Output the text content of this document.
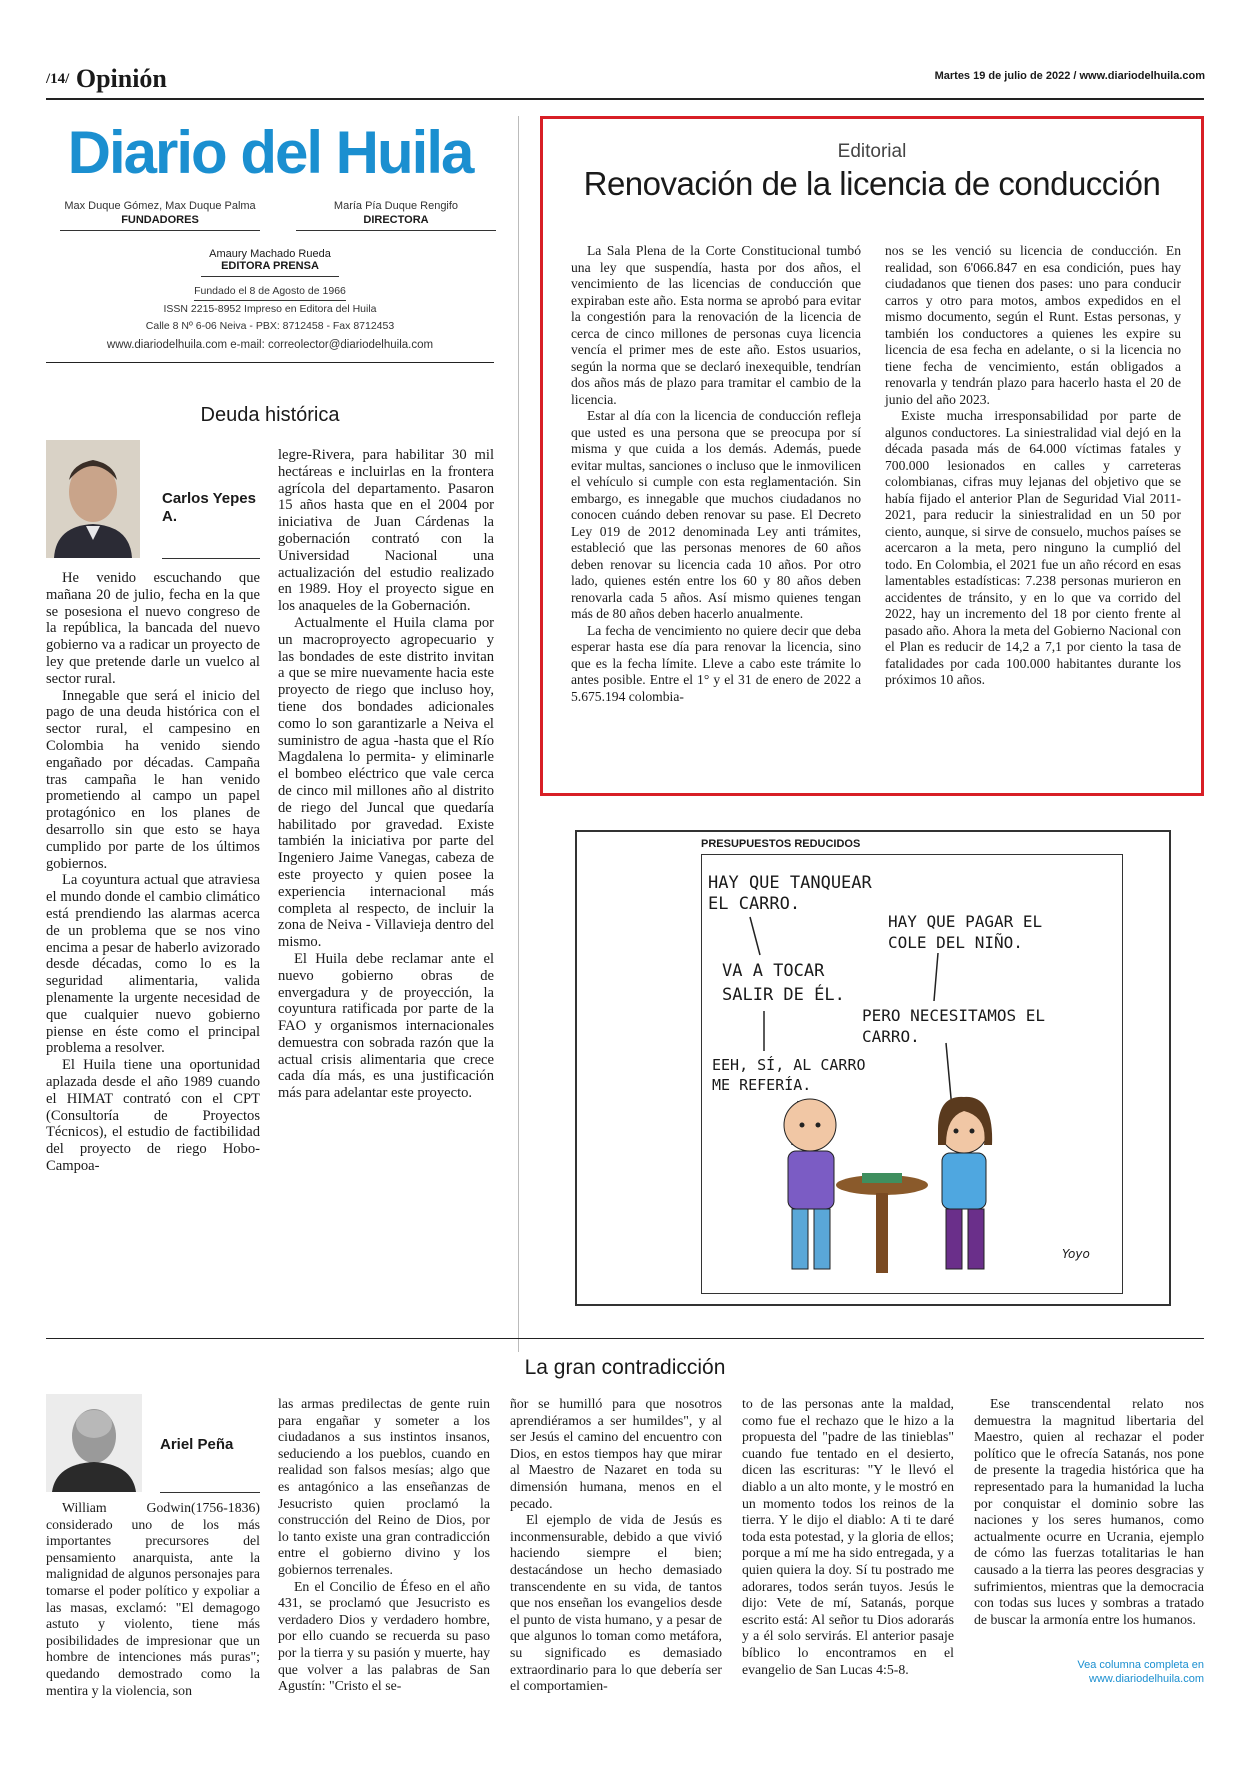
/14/ Opinión	Martes 19 de julio de 2022 / www.diariodelhuila.com
Diario del Huila
Max Duque Gómez, Max Duque Palma
FUNDADORES
María Pía Duque Rengifo
DIRECTORA
Amaury Machado Rueda
EDITORA PRENSA
Fundado el 8 de Agosto de 1966
ISSN 2215-8952 Impreso en Editora del Huila
Calle 8 Nº 6-06 Neiva - PBX: 8712458 - Fax 8712453
www.diariodelhuila.com e-mail: correolector@diariodelhuila.com
Deuda histórica
Carlos Yepes A.

He venido escuchando que mañana 20 de julio, fecha en la que se posesiona el nuevo congreso de la república, la bancada del nuevo gobierno va a radicar un proyecto de ley que pretende darle un vuelco al sector rural.

Innegable que será el inicio del pago de una deuda histórica con el sector rural, el campesino en Colombia ha venido siendo engañado por décadas. Campaña tras campaña le han venido prometiendo al campo un papel protagónico en los planes de desarrollo sin que esto se haya cumplido por parte de los últimos gobiernos.

La coyuntura actual que atraviesa el mundo donde el cambio climático está prendiendo las alarmas acerca de un problema que se nos vino encima a pesar de haberlo avizorado desde décadas, como lo es la seguridad alimentaria, valida plenamente la urgente necesidad de que cualquier nuevo gobierno piense en éste como el principal problema a resolver.

El Huila tiene una oportunidad aplazada desde el año 1989 cuando el HIMAT contrató con el CPT (Consultoría de Proyectos Técnicos), el estudio de factibilidad del proyecto de riego Hobo-Campoa-

legre-Rivera, para habilitar 30 mil hectáreas e incluirlas en la frontera agrícola del departamento. Pasaron 15 años hasta que en el 2004 por iniciativa de Juan Cárdenas la gobernación contrató con la Universidad Nacional una actualización del estudio realizado en 1989. Hoy el proyecto sigue en los anaqueles de la Gobernación.

Actualmente el Huila clama por un macroproyecto agropecuario y las bondades de este distrito invitan a que se mire nuevamente hacia este proyecto de riego que incluso hoy, tiene dos bondades adicionales como lo son garantizarle a Neiva el suministro de agua -hasta que el Río Magdalena lo permita- y eliminarle el bombeo eléctrico que vale cerca de cinco mil millones año al distrito de riego del Juncal que quedaría habilitado por gravedad. Existe también la iniciativa por parte del Ingeniero Jaime Vanegas, cabeza de este proyecto y quien posee la experiencia internacional más completa al respecto, de incluir la zona de Neiva - Villavieja dentro del mismo.

El Huila debe reclamar ante el nuevo gobierno obras de envergadura y de proyección, la coyuntura ratificada por parte de la FAO y organismos internacionales demuestra con sobrada razón que la actual crisis alimentaria que crece cada día más, es una justificación más para adelantar este proyecto.

Editorial
Renovación de la licencia de conducción

La Sala Plena de la Corte Constitucional tumbó una ley que suspendía, hasta por dos años, el vencimiento de las licencias de conducción que expiraban este año. Esta norma se aprobó para evitar la congestión para la renovación de la licencia de cerca de cinco millones de personas cuya licencia vencía el primer mes de este año. Estos usuarios, según la norma que se declaró inexequible, tendrían dos años más de plazo para tramitar el cambio de la licencia.

Estar al día con la licencia de conducción refleja que usted es una persona que se preocupa por sí misma y que cuida a los demás. Además, puede evitar multas, sanciones o incluso que le inmovilicen el vehículo si cumple con esta reglamentación. Sin embargo, es innegable que muchos ciudadanos no conocen cuándo deben renovar su pase. El Decreto Ley 019 de 2012 denominada Ley anti trámites, estableció que las personas menores de 60 años deben renovar su licencia cada 10 años. Por otro lado, quienes estén entre los 60 y 80 años deben renovarla cada 5 años. Así mismo quienes tengan más de 80 años deben hacerlo anualmente.

La fecha de vencimiento no quiere decir que deba esperar hasta ese día para renovar la licencia, sino que es la fecha límite. Lleve a cabo este trámite lo antes posible. Entre el 1° y el 31 de enero de 2022 a 5.675.194 colombia-

nos se les venció su licencia de conducción. En realidad, son 6'066.847 en esa condición, pues hay ciudadanos que tienen dos pases: uno para conducir carros y otro para motos, ambos expedidos en el mismo documento, según el Runt. Estas personas, y también los conductores a quienes les expire su licencia de esa fecha en adelante, o si la licencia no tiene fecha de vencimiento, están obligados a renovarla y tendrán plazo para hacerlo hasta el 20 de junio del año 2023.

Existe mucha irresponsabilidad por parte de algunos conductores. La siniestralidad vial dejó en la década pasada más de 64.000 víctimas fatales y 700.000 lesionados en calles y carreteras colombianas, cifras muy lejanas del objetivo que se había fijado el anterior Plan de Seguridad Vial 2011-2021, para reducir la siniestralidad en un 50 por ciento, aunque, si sirve de consuelo, muchos países se acercaron a la meta, pero ninguno la cumplió del todo. En Colombia, el 2021 fue un año récord en esas lamentables estadísticas: 7.238 personas murieron en accidentes de tránsito, y en lo que va corrido del 2022, hay un incremento del 18 por ciento frente al pasado año. Ahora la meta del Gobierno Nacional con el Plan es reducir de 14,2 a 7,1 por ciento la tasa de fatalidades por cada 100.000 habitantes durante los próximos 10 años.

PRESUPUESTOS REDUCIDOS
HAY QUE TANQUEAR EL CARRO.
VA A TOCAR SALIR DE ÉL.
EEH, SÍ, AL CARRO ME REFERÍA.
HAY QUE PAGAR EL COLE DEL NIÑO.
PERO NECESITAMOS EL CARRO.
Yoyo
La gran contradicción
Ariel Peña

William Godwin(1756-1836) considerado uno de los más importantes precursores del pensamiento anarquista, ante la malignidad de algunos personajes para tomarse el poder político y expoliar a las masas, exclamó: "El demagogo astuto y violento, tiene más posibilidades de impresionar que un hombre de intenciones más puras"; quedando demostrado como la mentira y la violencia, son

las armas predilectas de gente ruin para engañar y someter a los ciudadanos a sus instintos insanos, seduciendo a los pueblos, cuando en realidad son falsos mesías; algo que es antagónico a las enseñanzas de Jesucristo quien proclamó la construcción del Reino de Dios, por lo tanto existe una gran contradicción entre el gobierno divino y los gobiernos terrenales.

En el Concilio de Éfeso en el año 431, se proclamó que Jesucristo es verdadero Dios y verdadero hombre, por ello cuando se recuerda su paso por la tierra y su pasión y muerte, hay que volver a las palabras de San Agustín: "Cristo el se-

ñor se humilló para que nosotros aprendiéramos a ser humildes", y al ser Jesús el camino del encuentro con Dios, en estos tiempos hay que mirar al Maestro de Nazaret en toda su dimensión humana, menos en el pecado.

El ejemplo de vida de Jesús es inconmensurable, debido a que vivió haciendo siempre el bien; destacándose un hecho demasiado transcendente en su vida, de tantos que nos enseñan los evangelios desde el punto de vista humano, y a pesar de que algunos lo toman como metáfora, su significado es demasiado extraordinario para lo que debería ser el comportamien-

to de las personas ante la maldad, como fue el rechazo que le hizo a la propuesta del "padre de las tinieblas" cuando fue tentado en el desierto, dicen las escrituras: "Y le llevó el diablo a un alto monte, y le mostró en un momento todos los reinos de la tierra. Y le dijo el diablo: A ti te daré toda esta potestad, y la gloria de ellos; porque a mí me ha sido entregada, y a quien quiera la doy. Sí tu postrado me adorares, todos serán tuyos. Jesús le dijo: Vete de mí, Satanás, porque escrito está: Al señor tu Dios adorarás y a él solo servirás. El anterior pasaje bíblico lo encontramos en el evangelio de San Lucas 4:5-8.

Ese transcendental relato nos demuestra la magnitud libertaria del Maestro, quien al rechazar el poder político que le ofrecía Satanás, nos pone de presente la tragedia histórica que ha representado para la humanidad la lucha por conquistar el dominio sobre las naciones y los seres humanos, como actualmente ocurre en Ucrania, ejemplo de cómo las fuerzas totalitarias le han causado a la tierra las peores desgracias y sufrimientos, mientras que la democracia con todas sus luces y sombras a tratado de buscar la armonía entre los humanos.

Vea columna completa en
www.diariodelhuila.com
